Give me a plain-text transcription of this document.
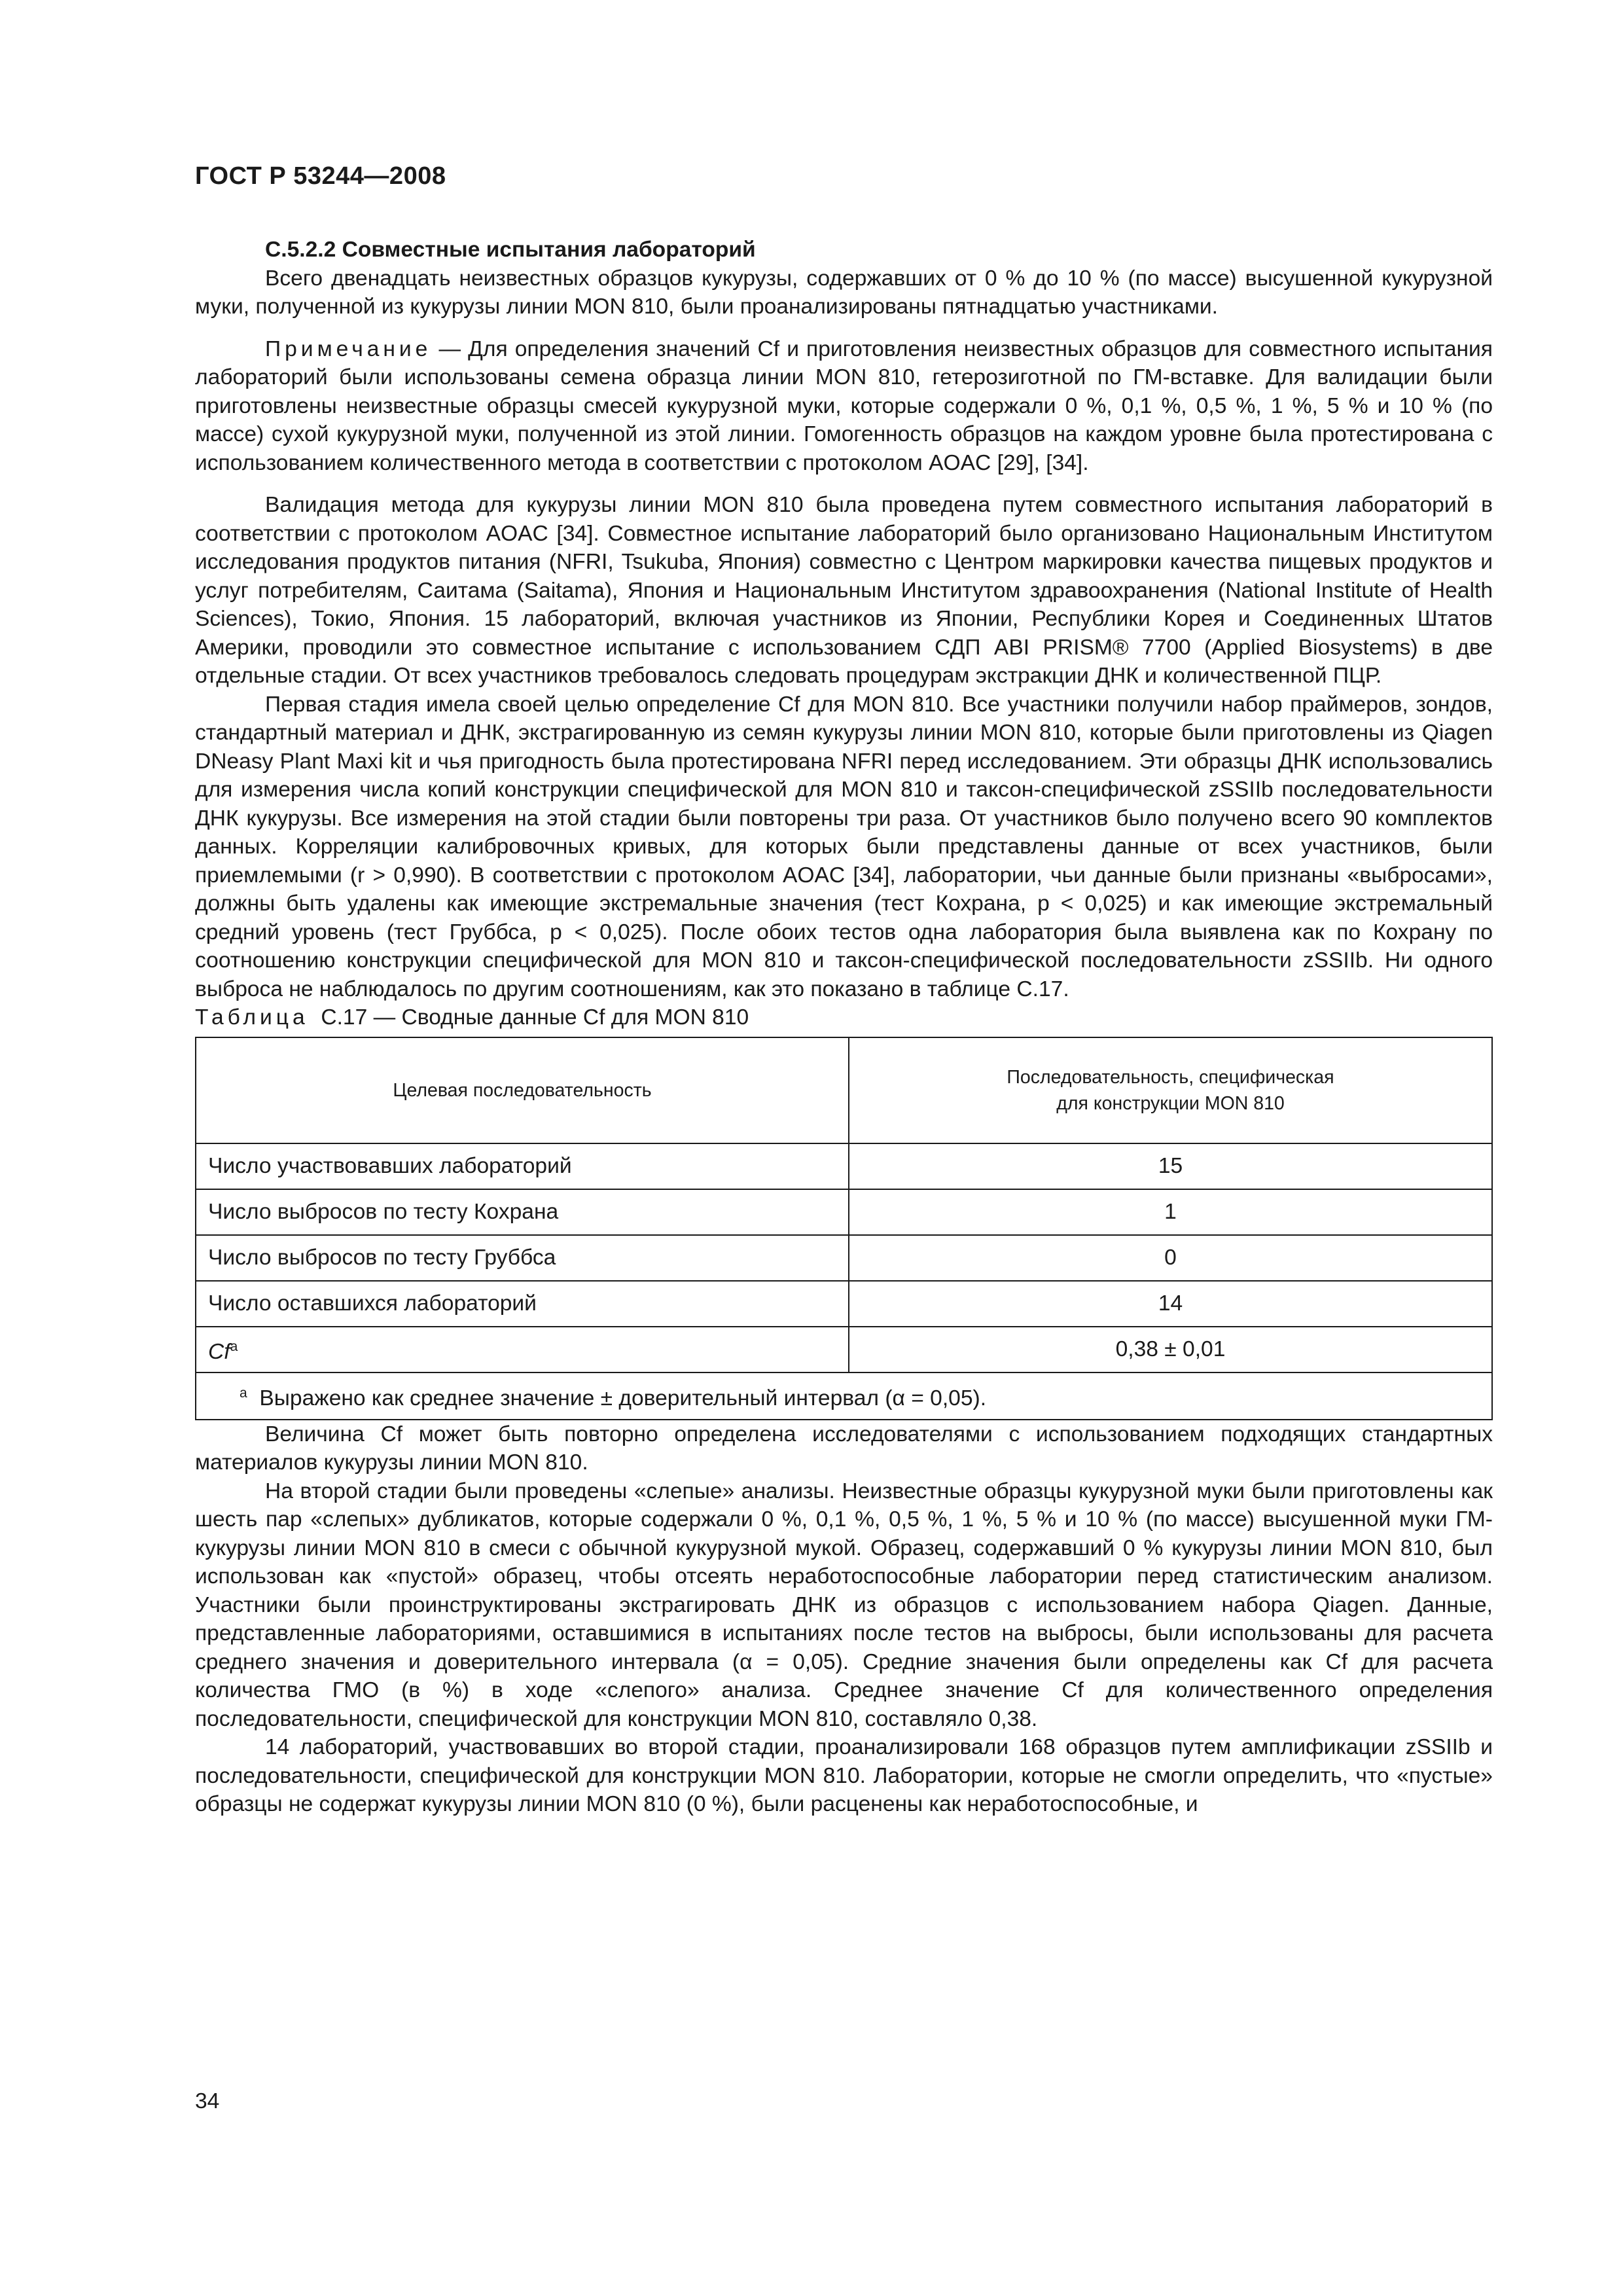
ГОСТ Р 53244—2008

С.5.2.2 Совместные испытания лабораторий

Всего двенадцать неизвестных образцов кукурузы, содержавших от 0 % до 10 % (по массе) высушенной кукурузной муки, полученной из кукурузы линии MON 810, были проанализированы пятнадцатью участниками.

Примечание — Для определения значений Cf и приготовления неизвестных образцов для совместного испытания лабораторий были использованы семена образца линии MON 810, гетерозиготной по ГМ-вставке. Для валидации были приготовлены неизвестные образцы смесей кукурузной муки, которые содержали 0 %, 0,1 %, 0,5 %, 1 %, 5 % и 10 % (по массе) сухой кукурузной муки, полученной из этой линии. Гомогенность образцов на каждом уровне была протестирована с использованием количественного метода в соответствии с протоколом AOAC [29], [34].

Валидация метода для кукурузы линии MON 810 была проведена путем совместного испытания лабораторий в соответствии с протоколом AOAC [34]. Совместное испытание лабораторий было организовано Национальным Институтом исследования продуктов питания (NFRI, Tsukuba, Япония) совместно с Центром маркировки качества пищевых продуктов и услуг потребителям, Саитама (Saitama), Япония и Национальным Институтом здравоохранения (National Institute of Health Sciences), Токио, Япония. 15 лабораторий, включая участников из Японии, Республики Корея и Соединенных Штатов Америки, проводили это совместное испытание с использованием СДП ABI PRISM® 7700 (Applied Biosystems) в две отдельные стадии. От всех участников требовалось следовать процедурам экстракции ДНК и количественной ПЦР.

Первая стадия имела своей целью определение Cf для MON 810. Все участники получили набор праймеров, зондов, стандартный материал и ДНК, экстрагированную из семян кукурузы линии MON 810, которые были приготовлены из Qiagen DNeasy Plant Maxi kit и чья пригодность была протестирована NFRI перед исследованием. Эти образцы ДНК использовались для измерения числа копий конструкции специфической для MON 810 и таксон-специфической zSSIIb последовательности ДНК кукурузы. Все измерения на этой стадии были повторены три раза. От участников было получено всего 90 комплектов данных. Корреляции калибровочных кривых, для которых были представлены данные от всех участников, были приемлемыми (r > 0,990). В соответствии с протоколом AOAC [34], лаборатории, чьи данные были признаны «выбросами», должны быть удалены как имеющие экстремальные значения (тест Кохрана, p < 0,025) и как имеющие экстремальный средний уровень (тест Груббса, p < 0,025). После обоих тестов одна лаборатория была выявлена как по Кохрану по соотношению конструкции специфической для MON 810 и таксон-специфической последовательности zSSIIb. Ни одного выброса не наблюдалось по другим соотношениям, как это показано в таблице С.17.

Таблица С.17 — Сводные данные Cf для MON 810

Целевая последовательность	Последовательность, специфическая
для конструкции MON 810

Число участвовавших лабораторий	15
Число выбросов по тесту Кохрана	1
Число выбросов по тесту Груббса	0
Число оставшихся лабораторий	14
Cf$^a$	0,38 ± 0,01
$^a$ Выражено как среднее значение ± доверительный интервал (α = 0,05).	

Величина Cf может быть повторно определена исследователями с использованием подходящих стандартных материалов кукурузы линии MON 810.

На второй стадии были проведены «слепые» анализы. Неизвестные образцы кукурузной муки были приготовлены как шесть пар «слепых» дубликатов, которые содержали 0 %, 0,1 %, 0,5 %, 1 %, 5 % и 10 % (по массе) высушенной муки ГМ-кукурузы линии MON 810 в смеси с обычной кукурузной мукой. Образец, содержавший 0 % кукурузы линии MON 810, был использован как «пустой» образец, чтобы отсеять неработоспособные лаборатории перед статистическим анализом. Участники были проинструктированы экстрагировать ДНК из образцов с использованием набора Qiagen. Данные, представленные лабораториями, оставшимися в испытаниях после тестов на выбросы, были использованы для расчета среднего значения и доверительного интервала (α = 0,05). Средние значения были определены как Cf для расчета количества ГМО (в %) в ходе «слепого» анализа. Среднее значение Cf для количественного определения последовательности, специфической для конструкции MON 810, составляло 0,38.

14 лабораторий, участвовавших во второй стадии, проанализировали 168 образцов путем амплификации zSSIIb и последовательности, специфической для конструкции MON 810. Лаборатории, которые не смогли определить, что «пустые» образцы не содержат кукурузы линии MON 810 (0 %), были расценены как неработоспособные, и

34
